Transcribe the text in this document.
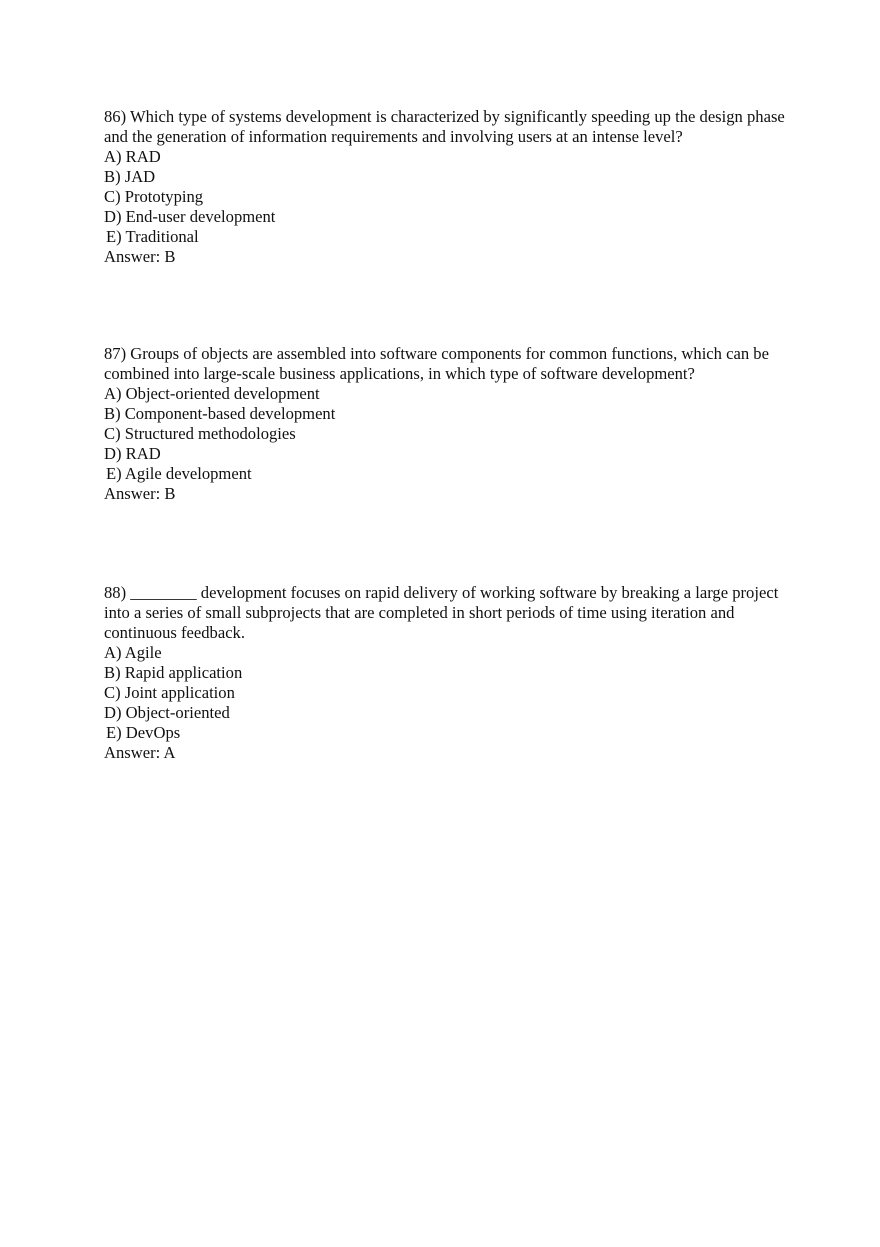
86) Which type of systems development is characterized by significantly speeding up the design phase and the generation of information requirements and involving users at an intense level?

A) RAD
B) JAD
C) Prototyping
D) End-user development
E) Traditional

Answer: B

87) Groups of objects are assembled into software components for common functions, which can be combined into large-scale business applications, in which type of software development?

A) Object-oriented development
B) Component-based development
C) Structured methodologies
D) RAD
E) Agile development

Answer: B

88) ________ development focuses on rapid delivery of working software by breaking a large project into a series of small subprojects that are completed in short periods of time using iteration and continuous feedback.

A) Agile
B) Rapid application
C) Joint application
D) Object-oriented
E) DevOps

Answer: A
